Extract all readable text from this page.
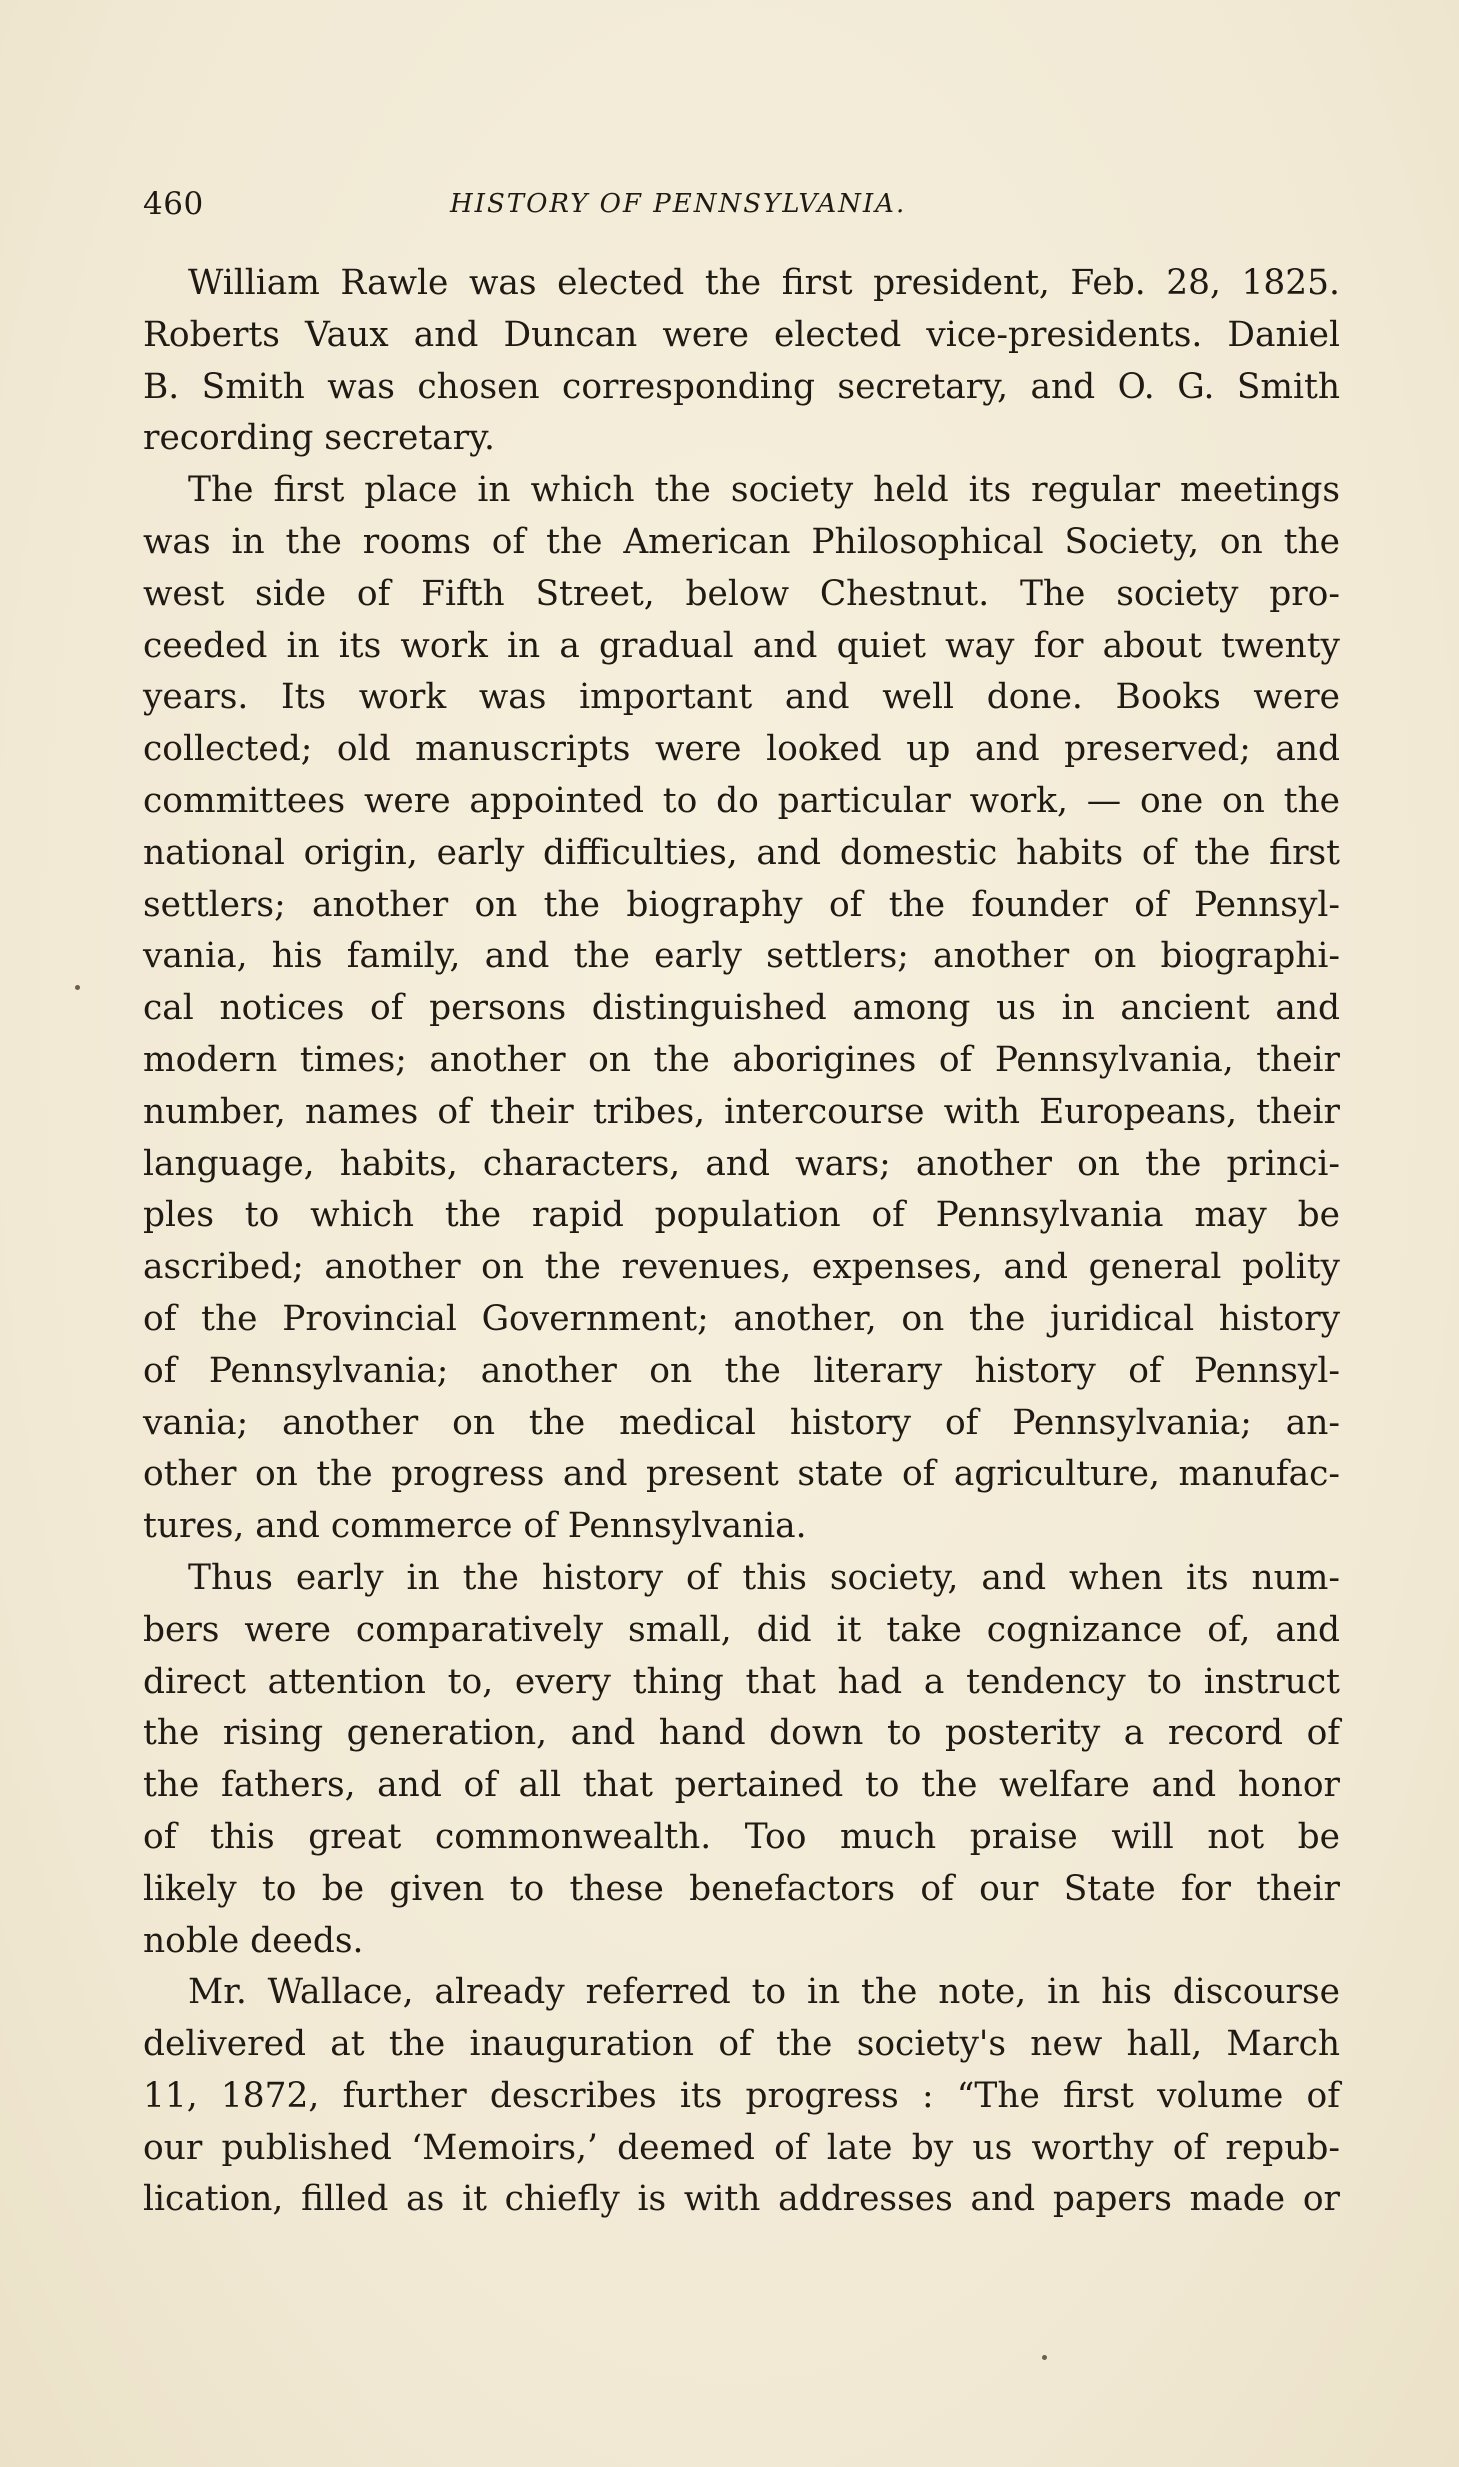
460	HISTORY OF PENNSYLVANIA.
William Rawle was elected the first president, Feb. 28, 1825.
Roberts Vaux and Duncan were elected vice-presidents. Daniel
B. Smith was chosen corresponding secretary, and O. G. Smith
recording secretary.
The first place in which the society held its regular meetings
was in the rooms of the American Philosophical Society, on the
west side of Fifth Street, below Chestnut. The society pro-
ceeded in its work in a gradual and quiet way for about twenty
years. Its work was important and well done. Books were
collected; old manuscripts were looked up and preserved; and
committees were appointed to do particular work, — one on the
national origin, early difficulties, and domestic habits of the first
settlers; another on the biography of the founder of Pennsyl-
vania, his family, and the early settlers; another on biographi-
cal notices of persons distinguished among us in ancient and
modern times; another on the aborigines of Pennsylvania, their
number, names of their tribes, intercourse with Europeans, their
language, habits, characters, and wars; another on the princi-
ples to which the rapid population of Pennsylvania may be
ascribed; another on the revenues, expenses, and general polity
of the Provincial Government; another, on the juridical history
of Pennsylvania; another on the literary history of Pennsyl-
vania; another on the medical history of Pennsylvania; an-
other on the progress and present state of agriculture, manufac-
tures, and commerce of Pennsylvania.
Thus early in the history of this society, and when its num-
bers were comparatively small, did it take cognizance of, and
direct attention to, every thing that had a tendency to instruct
the rising generation, and hand down to posterity a record of
the fathers, and of all that pertained to the welfare and honor
of this great commonwealth. Too much praise will not be
likely to be given to these benefactors of our State for their
noble deeds.
Mr. Wallace, already referred to in the note, in his discourse
delivered at the inauguration of the society's new hall, March
11, 1872, further describes its progress : “The first volume of
our published ‘Memoirs,’ deemed of late by us worthy of repub-
lication, filled as it chiefly is with addresses and papers made or
